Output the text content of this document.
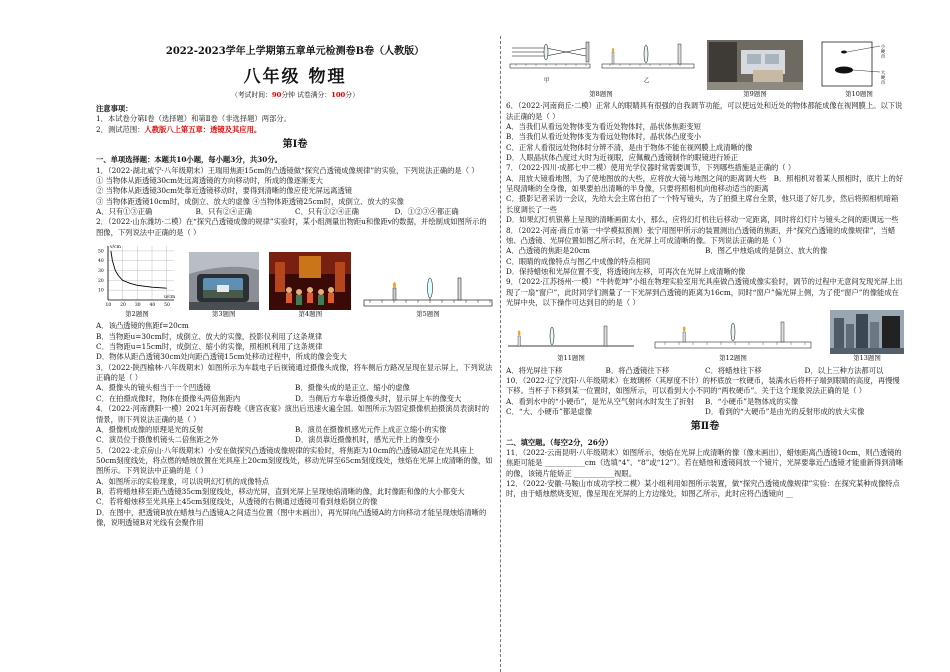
2022-2023学年上学期第五章单元检测卷B卷（人教版）
八年级 物理
（考试时间：90分钟 试卷满分：100分）
注意事项：

1．本试卷分第Ⅰ卷（选择题）和第Ⅱ卷（非选择题）两部分。

2．测试范围：人教版八上第五章：透镜及其应用。

第Ⅰ卷
一、单项选择题：本题共10小题，每小题3分，共30分。

1．（2022·湖北咸宁·八年级期末）王瑞用焦距15cm的凸透镜做“探究凸透镜成像规律”的实验，下列说法正确的是（ ）

① 当物体从距透镜30cm处远离透镜的方向移动时，所成的像逐渐变大

② 当物体从距透镜30cm处靠近透镜移动时，要得到清晰的像应使光屏远离透镜

③ 当物体距透镜10cm时，成倒立、放大的虚像 ④当物体距透镜25cm时，成倒立、放大的实像

A．只有①③正确	B．只有②④正确	C．只有①②④正确	D．①②③④都正确

2．（2022·山东潍坊·二模）在“探究凸透镜成像的规律”实验时，某小组测量出物距u和像距v的数据，并绘制成如图所示的图像，下列说法中正确的是（ ）

10 20 30 40 50
10
20
30
40
50
v/cm
u/cm
第2题图	第3题图	第4题图	第5题图

A．该凸透镜的焦距f=20cm

B．当物距u=30cm时，成倒立、放大的实像，投影仪利用了这条规律

C．当物距u=15cm时，成倒立、缩小的实像，照相机利用了这条规律

D．物体从距凸透镜30cm处向距凸透镜15cm处移动过程中，所成的像会变大

3．（2022·陕西榆林·八年级期末）如图所示为车载电子后视镜通过摄像头成像，将车侧后方路况呈现在显示屏上，下列说法正确的是（ ）

A．摄像头的镜头相当于一个凹透镜	B．摄像头成的是正立、缩小的虚像
C．在拍摄成像时，物体在摄像头两倍焦距内	D．当侧后方车靠近摄像头时，显示屏上车的像变大

4．（2022·河南濮阳·一模）2021年河南春晚《唐宫夜宴》演出后迅速火遍全国。如图所示为固定摄像机拍摄演员表演时的情景，则下列说法正确的是（ ）

A．摄像机成像的原理是光的反射	B．演员在摄像机感光元件上成正立缩小的实像
C．演员位于摄像机镜头二倍焦距之外	D．演员靠近摄像机时，感光元件上的像变小

5．（2022·北京房山·八年级期末）小安在做探究凸透镜成像规律的实验时，将焦距为10cm的凸透镜A固定在光具座上50cm刻度线处，将点燃的蜡烛放置在光具座上20cm刻度线处，移动光屏至65cm刻度线处，烛焰在光屏上成清晰的像，如图所示。下列说法中正确的是（ ）

A．如图所示的实验现象，可以说明幻灯机的成像特点

B．若将蜡烛移至距凸透镜35cm刻度线处，移动光屏，直到光屏上呈现烛焰清晰的像，此时像距和像的大小都变大

C．若将蜡烛移至光具座上45cm刻度线处，从透镜的右侧通过透镜可看到烛焰倒立的像

D．在图中，把透镜B放在蜡烛与凸透镜A之间适当位置（图中未画出），再光屏向凸透镜A的方向移动才能呈现烛焰清晰的像，说明透镜B对光线有会聚作用

甲	乙
第8题图	第9题图
小硬币
大硬币
第10题图

6．（2022·河南商丘·二模）正常人的眼睛具有很强的自我调节功能，可以使远处和近处的物体都能成像在视网膜上。以下说法正确的是（ ）

A．当我们从看远处物体变为看近处物体时，晶状体焦距变短

B．当我们从看近处物体变为看远处物体时，晶状体凸度变小

C．正常人看很远处物体时分辨不清，是由于物体不能在视网膜上成清晰的像

D．人眼晶状体凸度过大时为近视眼，应佩戴凸透镜制作的眼镜进行矫正

7．（2022·四川·成都七中二模）使用光学仪器时常需要调节，下列哪些措施是正确的（ ）

A．用放大镜看地图，为了使地图放的大些，应将放大镜与地图之间的距离调大些 B．照相机对着某人照相时，底片上的好呈现清晰的全身像，如果要拍出清晰的半身像，只要将照相机向他移动适当的距离

C．摄影记者采访一会议，先给大会主席台拍了一个特写镜头，为了拍摄主席台全景，他只退了好几步，然后将照相机暗箱长度调长了一些

D．如果幻灯机银幕上呈现的清晰画面太小，那么，应将幻灯机往后移动一定距离，同时将幻灯片与镜头之间的距调远一些

8．（2022·河南·商丘市第一中学模拟预测）张宁用图甲所示的装置测出凸透镜的焦距，并“探究凸透镜的成像规律”，当蜡烛、凸透镜、光屏位置如图乙所示时，在光屏上可成清晰的像。下列说法正确的是（ ）

A．凸透镜的焦距是20cm	B．图乙中烛焰成的是倒立、放大的像

C．眼睛的成像特点与图乙中成像的特点相同

D．保持蜡烛和光屏位置不变，将透镜向左移，可再次在光屏上成清晰的像

9．（2022·江苏扬州·一模）“牛转乾坤”小组在物理实验室用光具座做凸透镜成像实验时，调节的过程中无意间发现光屏上出现了一扇“窗户”，此时同学们测量了一下光屏到凸透镜的距离为16cm，同时“窗户”偏光屏上侧，为了使“窗户”的像能成在光屏中央，以下操作可达到目的的是（ ）

第11题图	第12题图	第13题图
A．将光屏往下移	B．将凸透镜往下移	C．将蜡烛往下移	D．以上三种方法都可以

10．（2022·辽宁沈阳·八年级期末）在玻璃杯（其厚度不计）的杯底放一枚硬币，装满水后将杯子端到眼睛的高度，再慢慢下移。当杯子下移到某一位置时，如图所示，可以看到大小不同的“两枚硬币”。关于这个现象说法正确的是（ ）

A．看到水中的“小硬币”，是光从空气射向水时发生了折射	B．“小硬币”是物体成的实像
C．“大、小硬币”都是虚像	D．看到的“大硬币”是由光的反射形成的放大实像
第Ⅱ卷
二、填空题。（每空2分，26分）

11．（2022·云南昆明·八年级期末）如图所示，烛焰在光屏上成清晰的像（像未画出），蜡烛距离凸透镜10cm，则凸透镜的焦距可能是 ___________cm（选填“4”、“8”或“12”）。若在蜡烛和透镜间放一个镜片，光屏要靠近凸透镜才能重新得到清晰的像，该镜片能矫正 ___________视眼。

12．（2022·安徽·马鞍山市成功学校二模）某小组利用如图所示装置，做“探究凸透镜成像规律”实验：在探究某种成像特点时，由于蜡烛燃烧变短，像呈现在光屏的上方边缘处，如图乙所示，此时应将凸透镜向 __
